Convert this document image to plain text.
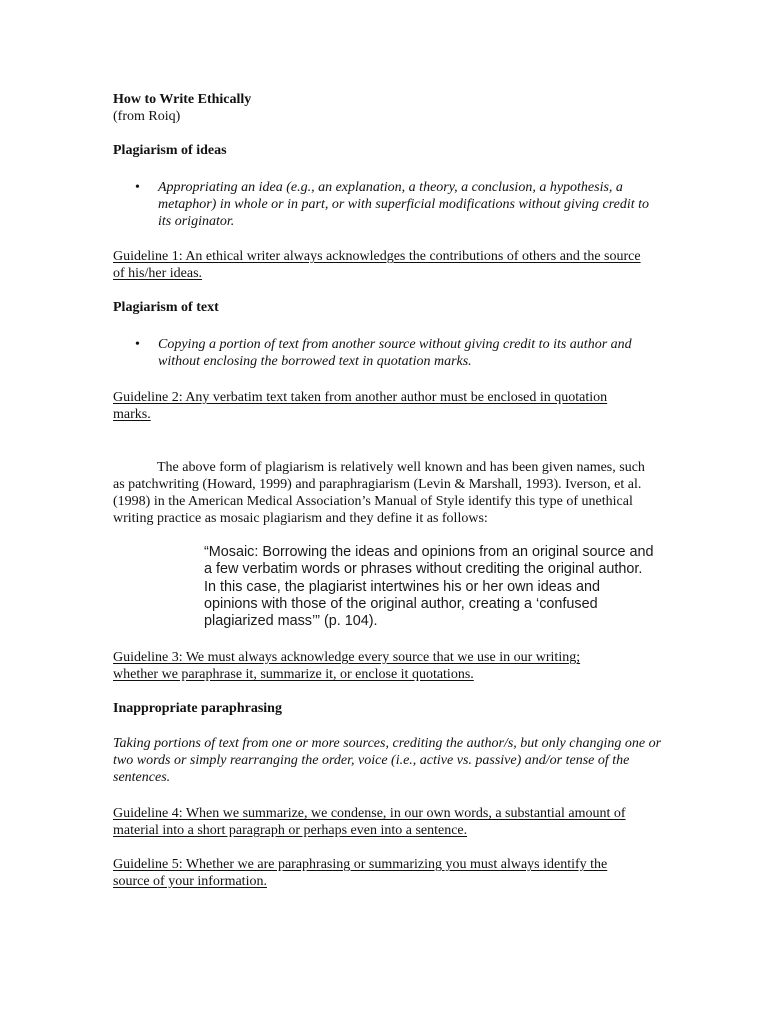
How to Write Ethically
(from Roiq)
Plagiarism of ideas
• Appropriating an idea (e.g., an explanation, a theory, a conclusion, a hypothesis, a metaphor) in whole or in part, or with superficial modifications without giving credit to its originator.
Guideline 1: An ethical writer always acknowledges the contributions of others and the source of his/her ideas.
Plagiarism of text
• Copying a portion of text from another source without giving credit to its author and without enclosing the borrowed text in quotation marks.
Guideline 2: Any verbatim text taken from another author must be enclosed in quotation marks.
The above form of plagiarism is relatively well known and has been given names, such as patchwriting (Howard, 1999) and paraphragiarism (Levin & Marshall, 1993). Iverson, et al. (1998) in the American Medical Association’s Manual of Style identify this type of unethical writing practice as mosaic plagiarism and they define it as follows:
“Mosaic: Borrowing the ideas and opinions from an original source and a few verbatim words or phrases without crediting the original author. In this case, the plagiarist intertwines his or her own ideas and opinions with those of the original author, creating a ‘confused plagiarized mass’” (p. 104).
Guideline 3: We must always acknowledge every source that we use in our writing; whether we paraphrase it, summarize it, or enclose it quotations.
Inappropriate paraphrasing
Taking portions of text from one or more sources, crediting the author/s, but only changing one or two words or simply rearranging the order, voice (i.e., active vs. passive) and/or tense of the sentences.
Guideline 4: When we summarize, we condense, in our own words, a substantial amount of material into a short paragraph or perhaps even into a sentence.
Guideline 5: Whether we are paraphrasing or summarizing you must always identify the source of your information.
